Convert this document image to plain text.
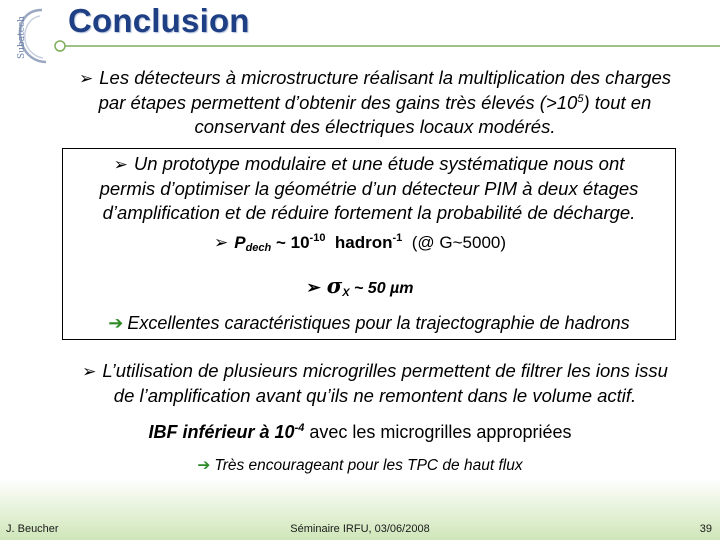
Subatech Conclusion
➢ Les détecteurs à microstructure réalisant la multiplication des charges
par étapes permettent d’obtenir des gains très élevés $(>10^5)$ tout en
conservant des électriques locaux modérés.
➢ Un prototype modulaire et une étude systématique nous ont
permis d’optimiser la géométrie d’un détecteur PIM à deux étages
d’amplification et de réduire fortement la probabilité de décharge.
➢ $P_{dech}$ ~ $10^{-10}$ hadron$^{-1}$ (@ G~5000)
➢ $\sigma_X$ ~ 50 µm
➔ Excellentes caractéristiques pour la trajectographie de hadrons
➢ L’utilisation de plusieurs microgrilles permettent de filtrer les ions issu
de l’amplification avant qu’ils ne remontent dans le volume actif.
IBF inférieur à $10^{-4}$ avec les microgrilles appropriées
➔ Très encourageant pour les TPC de haut flux
J. Beucher	Séminaire IRFU, 03/06/2008	39
